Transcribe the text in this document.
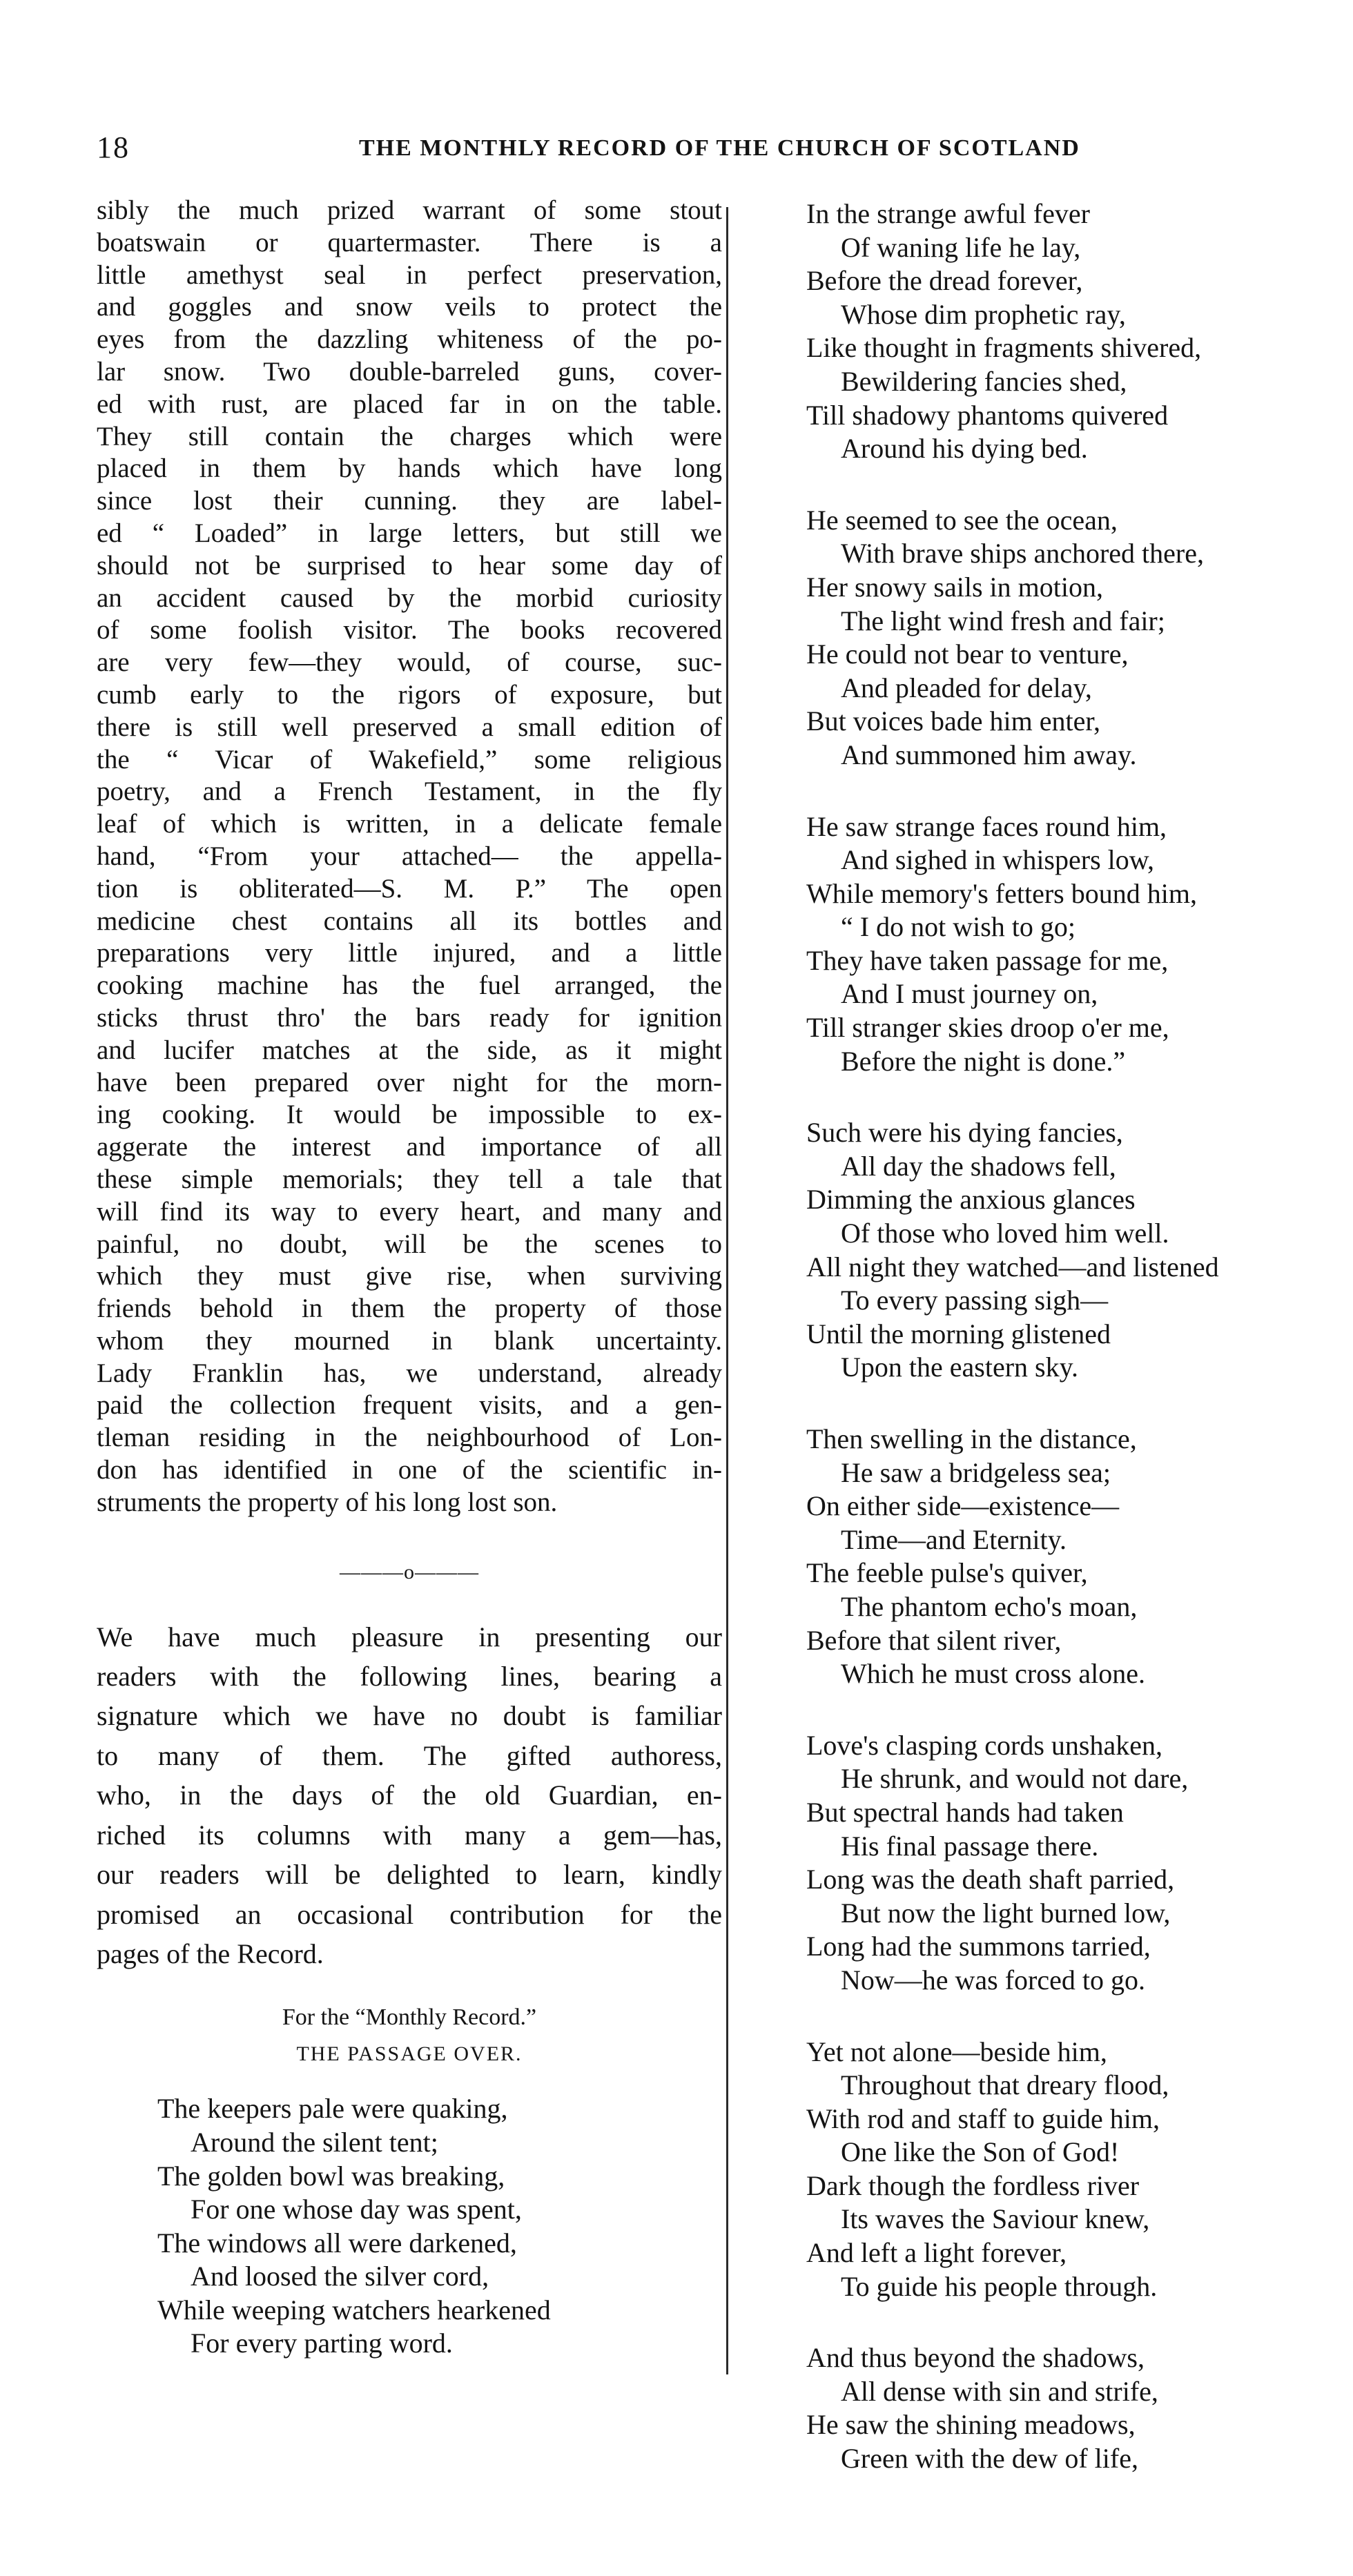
18	THE MONTHLY RECORD OF THE CHURCH OF SCOTLAND

sibly the much prized warrant of some stout

boatswain or quartermaster. There is a

little amethyst seal in perfect preservation,

and goggles and snow veils to protect the

eyes from the dazzling whiteness of the po-

lar snow. Two double-barreled guns, cover-

ed with rust, are placed far in on the table.

They still contain the charges which were

placed in them by hands which have long

since lost their cunning. they are label-

ed “ Loaded” in large letters, but still we

should not be surprised to hear some day of

an accident caused by the morbid curiosity

of some foolish visitor. The books recovered

are very few—they would, of course, suc-

cumb early to the rigors of exposure, but

there is still well preserved a small edition of

the “ Vicar of Wakefield,” some religious

poetry, and a French Testament, in the fly

leaf of which is written, in a delicate female

hand, “From your attached— the appella-

tion is obliterated—S. M. P.” The open

medicine chest contains all its bottles and

preparations very little injured, and a little

cooking machine has the fuel arranged, the

sticks thrust thro' the bars ready for ignition

and lucifer matches at the side, as it might

have been prepared over night for the morn-

ing cooking. It would be impossible to ex-

aggerate the interest and importance of all

these simple memorials; they tell a tale that

will find its way to every heart, and many and

painful, no doubt, will be the scenes to

which they must give rise, when surviving

friends behold in them the property of those

whom they mourned in blank uncertainty.

Lady Franklin has, we understand, already

paid the collection frequent visits, and a gen-

tleman residing in the neighbourhood of Lon-

don has identified in one of the scientific in-

struments the property of his long lost son.

———o———

We have much pleasure in presenting our

readers with the following lines, bearing a

signature which we have no doubt is familiar

to many of them. The gifted authoress,

who, in the days of the old Guardian, en-

riched its columns with many a gem—has,

our readers will be delighted to learn, kindly

promised an occasional contribution for the

pages of the Record.

For the “Monthly Record.”
THE PASSAGE OVER.
The keepers pale were quaking,
Around the silent tent;
The golden bowl was breaking,
For one whose day was spent,
The windows all were darkened,
And loosed the silver cord,
While weeping watchers hearkened
For every parting word.
In the strange awful fever
Of waning life he lay,
Before the dread forever,
Whose dim prophetic ray,
Like thought in fragments shivered,
Bewildering fancies shed,
Till shadowy phantoms quivered
Around his dying bed.
He seemed to see the ocean,
With brave ships anchored there,
Her snowy sails in motion,
The light wind fresh and fair;
He could not bear to venture,
And pleaded for delay,
But voices bade him enter,
And summoned him away.
He saw strange faces round him,
And sighed in whispers low,
While memory's fetters bound him,
“ I do not wish to go;
They have taken passage for me,
And I must journey on,
Till stranger skies droop o'er me,
Before the night is done.”
Such were his dying fancies,
All day the shadows fell,
Dimming the anxious glances
Of those who loved him well.
All night they watched—and listened
To every passing sigh—
Until the morning glistened
Upon the eastern sky.
Then swelling in the distance,
He saw a bridgeless sea;
On either side—existence—
Time—and Eternity.
The feeble pulse's quiver,
The phantom echo's moan,
Before that silent river,
Which he must cross alone.
Love's clasping cords unshaken,
He shrunk, and would not dare,
But spectral hands had taken
His final passage there.
Long was the death shaft parried,
But now the light burned low,
Long had the summons tarried,
Now—he was forced to go.
Yet not alone—beside him,
Throughout that dreary flood,
With rod and staff to guide him,
One like the Son of God!
Dark though the fordless river
Its waves the Saviour knew,
And left a light forever,
To guide his people through.
And thus beyond the shadows,
All dense with sin and strife,
He saw the shining meadows,
Green with the dew of life,
